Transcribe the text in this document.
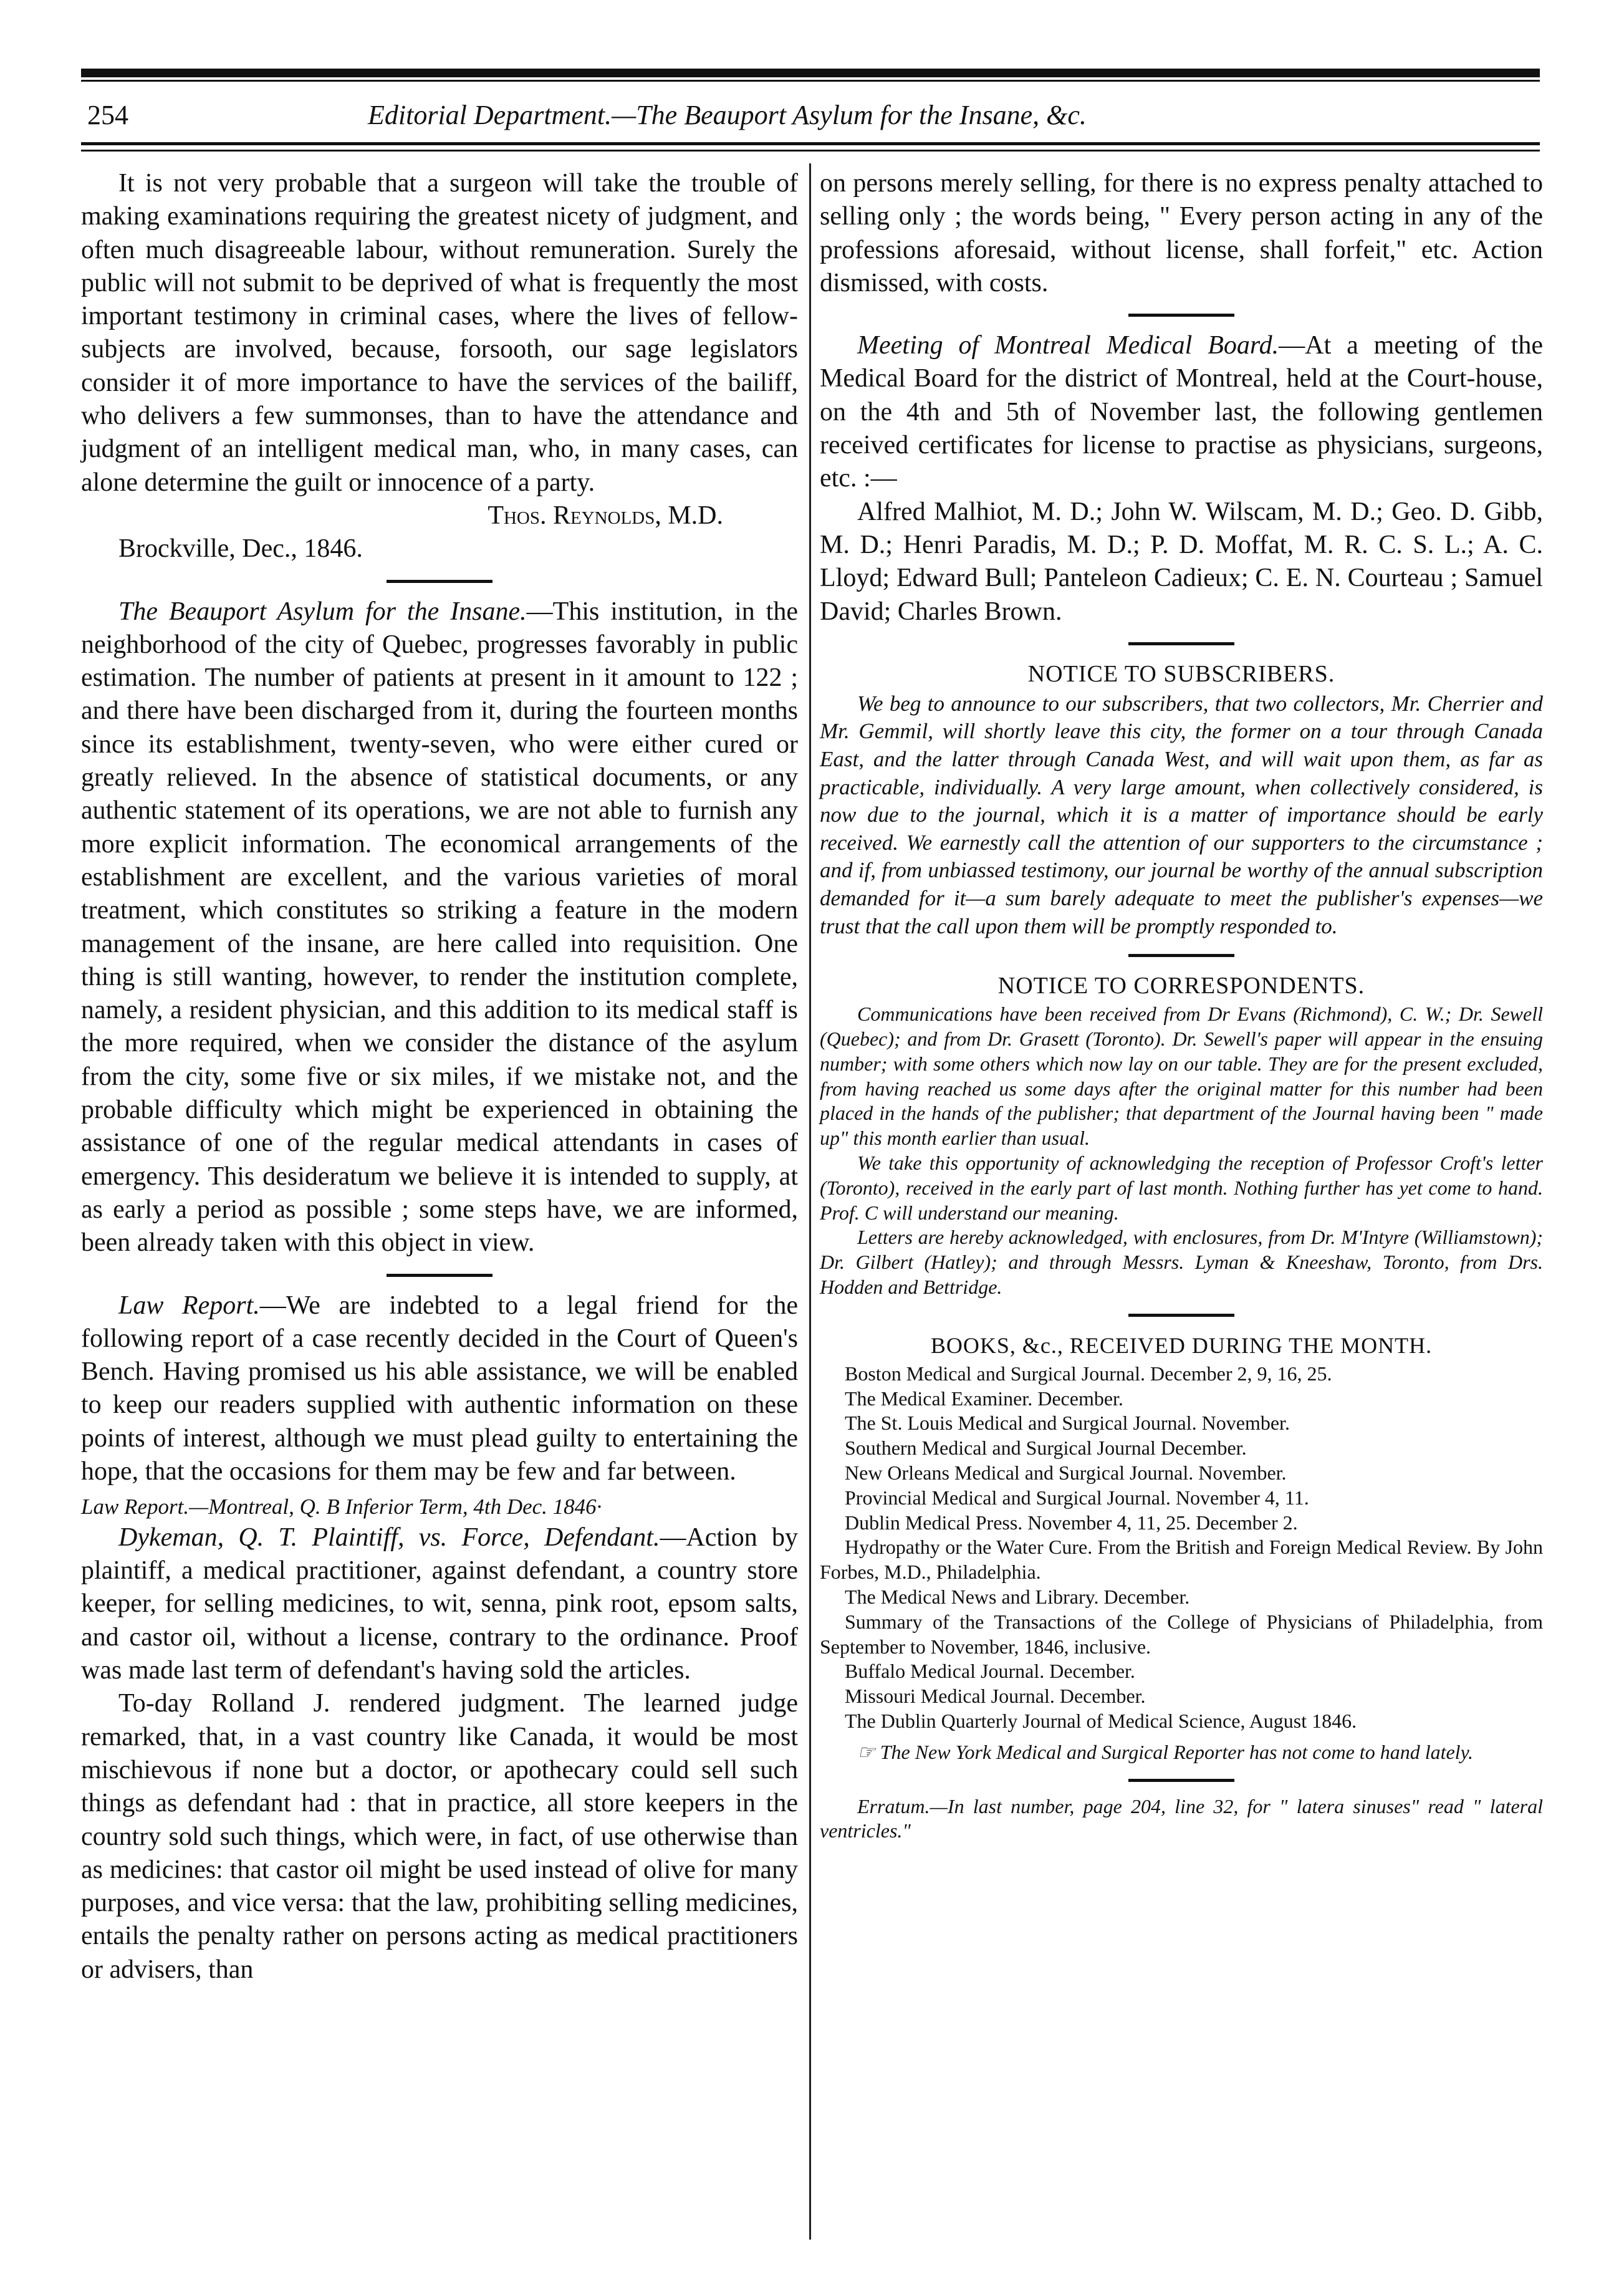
254	Editorial Department.—The Beauport Asylum for the Insane, &c.

It is not very probable that a surgeon will take the trouble of making examinations requiring the greatest nicety of judgment, and often much disagreeable labour, without remuneration. Surely the public will not submit to be deprived of what is frequently the most important testimony in criminal cases, where the lives of fellow-subjects are involved, because, forsooth, our sage legislators consider it of more importance to have the services of the bailiff, who delivers a few summonses, than to have the attendance and judgment of an intelligent medical man, who, in many cases, can alone determine the guilt or innocence of a party.

Thos. Reynolds, M.D.

Brockville, Dec., 1846.

The Beauport Asylum for the Insane.—This institution, in the neighborhood of the city of Quebec, progresses favorably in public estimation. The number of patients at present in it amount to 122 ; and there have been discharged from it, during the fourteen months since its establishment, twenty-seven, who were either cured or greatly relieved. In the absence of statistical documents, or any authentic statement of its operations, we are not able to furnish any more explicit information. The economical arrangements of the establishment are excellent, and the various varieties of moral treatment, which constitutes so striking a feature in the modern management of the insane, are here called into requisition. One thing is still wanting, however, to render the institution complete, namely, a resident physician, and this addition to its medical staff is the more required, when we consider the distance of the asylum from the city, some five or six miles, if we mistake not, and the probable difficulty which might be experienced in obtaining the assistance of one of the regular medical attendants in cases of emergency. This desideratum we believe it is intended to supply, at as early a period as possible ; some steps have, we are informed, been already taken with this object in view.

Law Report.—We are indebted to a legal friend for the following report of a case recently decided in the Court of Queen's Bench. Having promised us his able assistance, we will be enabled to keep our readers supplied with authentic information on these points of interest, although we must plead guilty to entertaining the hope, that the occasions for them may be few and far between.

Law Report.—Montreal, Q. B Inferior Term, 4th Dec. 1846·

Dykeman, Q. T. Plaintiff, vs. Force, Defendant.—Action by plaintiff, a medical practitioner, against defendant, a country store keeper, for selling medicines, to wit, senna, pink root, epsom salts, and castor oil, without a license, contrary to the ordinance. Proof was made last term of defendant's having sold the articles.

To-day Rolland J. rendered judgment. The learned judge remarked, that, in a vast country like Canada, it would be most mischievous if none but a doctor, or apothecary could sell such things as defendant had : that in practice, all store keepers in the country sold such things, which were, in fact, of use otherwise than as medicines: that castor oil might be used instead of olive for many purposes, and vice versa: that the law, prohibiting selling medicines, entails the penalty rather on persons acting as medical practitioners or advisers, than

on persons merely selling, for there is no express penalty attached to selling only ; the words being, " Every person acting in any of the professions aforesaid, without license, shall forfeit," etc. Action dismissed, with costs.

Meeting of Montreal Medical Board.—At a meeting of the Medical Board for the district of Montreal, held at the Court-house, on the 4th and 5th of November last, the following gentlemen received certificates for license to practise as physicians, surgeons, etc. :—

Alfred Malhiot, M. D.; John W. Wilscam, M. D.; Geo. D. Gibb, M. D.; Henri Paradis, M. D.; P. D. Moffat, M. R. C. S. L.; A. C. Lloyd; Edward Bull; Panteleon Cadieux; C. E. N. Courteau ; Samuel David; Charles Brown.

NOTICE TO SUBSCRIBERS.

We beg to announce to our subscribers, that two collectors, Mr. Cherrier and Mr. Gemmil, will shortly leave this city, the former on a tour through Canada East, and the latter through Canada West, and will wait upon them, as far as practicable, individually. A very large amount, when collectively considered, is now due to the journal, which it is a matter of importance should be early received. We earnestly call the attention of our supporters to the circumstance ; and if, from unbiassed testimony, our journal be worthy of the annual subscription demanded for it—a sum barely adequate to meet the publisher's expenses—we trust that the call upon them will be promptly responded to.

NOTICE TO CORRESPONDENTS.

Communications have been received from Dr Evans (Richmond), C. W.; Dr. Sewell (Quebec); and from Dr. Grasett (Toronto). Dr. Sewell's paper will appear in the ensuing number; with some others which now lay on our table. They are for the present excluded, from having reached us some days after the original matter for this number had been placed in the hands of the publisher; that department of the Journal having been " made up" this month earlier than usual.

We take this opportunity of acknowledging the reception of Professor Croft's letter (Toronto), received in the early part of last month. Nothing further has yet come to hand. Prof. C will understand our meaning.

Letters are hereby acknowledged, with enclosures, from Dr. M'Intyre (Williamstown); Dr. Gilbert (Hatley); and through Messrs. Lyman & Kneeshaw, Toronto, from Drs. Hodden and Bettridge.

BOOKS, &c., RECEIVED DURING THE MONTH.

Boston Medical and Surgical Journal. December 2, 9, 16, 25.

The Medical Examiner. December.

The St. Louis Medical and Surgical Journal. November.

Southern Medical and Surgical Journal December.

New Orleans Medical and Surgical Journal. November.

Provincial Medical and Surgical Journal. November 4, 11.

Dublin Medical Press. November 4, 11, 25. December 2.

Hydropathy or the Water Cure. From the British and Foreign Medical Review. By John Forbes, M.D., Philadelphia.

The Medical News and Library. December.

Summary of the Transactions of the College of Physicians of Philadelphia, from September to November, 1846, inclusive.

Buffalo Medical Journal. December.

Missouri Medical Journal. December.

The Dublin Quarterly Journal of Medical Science, August 1846.

☞ The New York Medical and Surgical Reporter has not come to hand lately.

Erratum.—In last number, page 204, line 32, for " latera sinuses" read " lateral ventricles."
